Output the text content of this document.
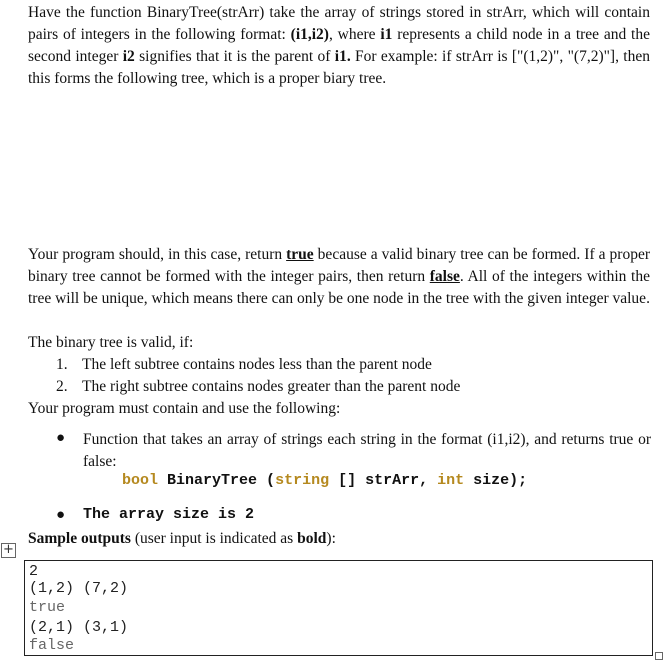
Have the function BinaryTree(strArr) take the array of strings stored in strArr, which will contain pairs of integers in the following format: (i1,i2), where i1 represents a child node in a tree and the second integer i2 signifies that it is the parent of i1. For example: if strArr is ["(1,2)", "(7,2)"], then this forms the following tree, which is a proper biary tree.

Your program should, in this case, return true because a valid binary tree can be formed. If a proper binary tree cannot be formed with the integer pairs, then return false. All of the integers within the tree will be unique, which means there can only be one node in the tree with the given integer value.

The binary tree is valid, if:
1. The left subtree contains nodes less than the parent node
2. The right subtree contains nodes greater than the parent node
Your program must contain and use the following:
● Function that takes an array of strings each string in the format (i1,i2), and returns true or false:

bool BinaryTree (string [] strArr, int size);
● The array size is 2
Sample outputs (user input is indicated as bold):
+
2
(1,2) (7,2)
true
(2,1) (3,1)
false
